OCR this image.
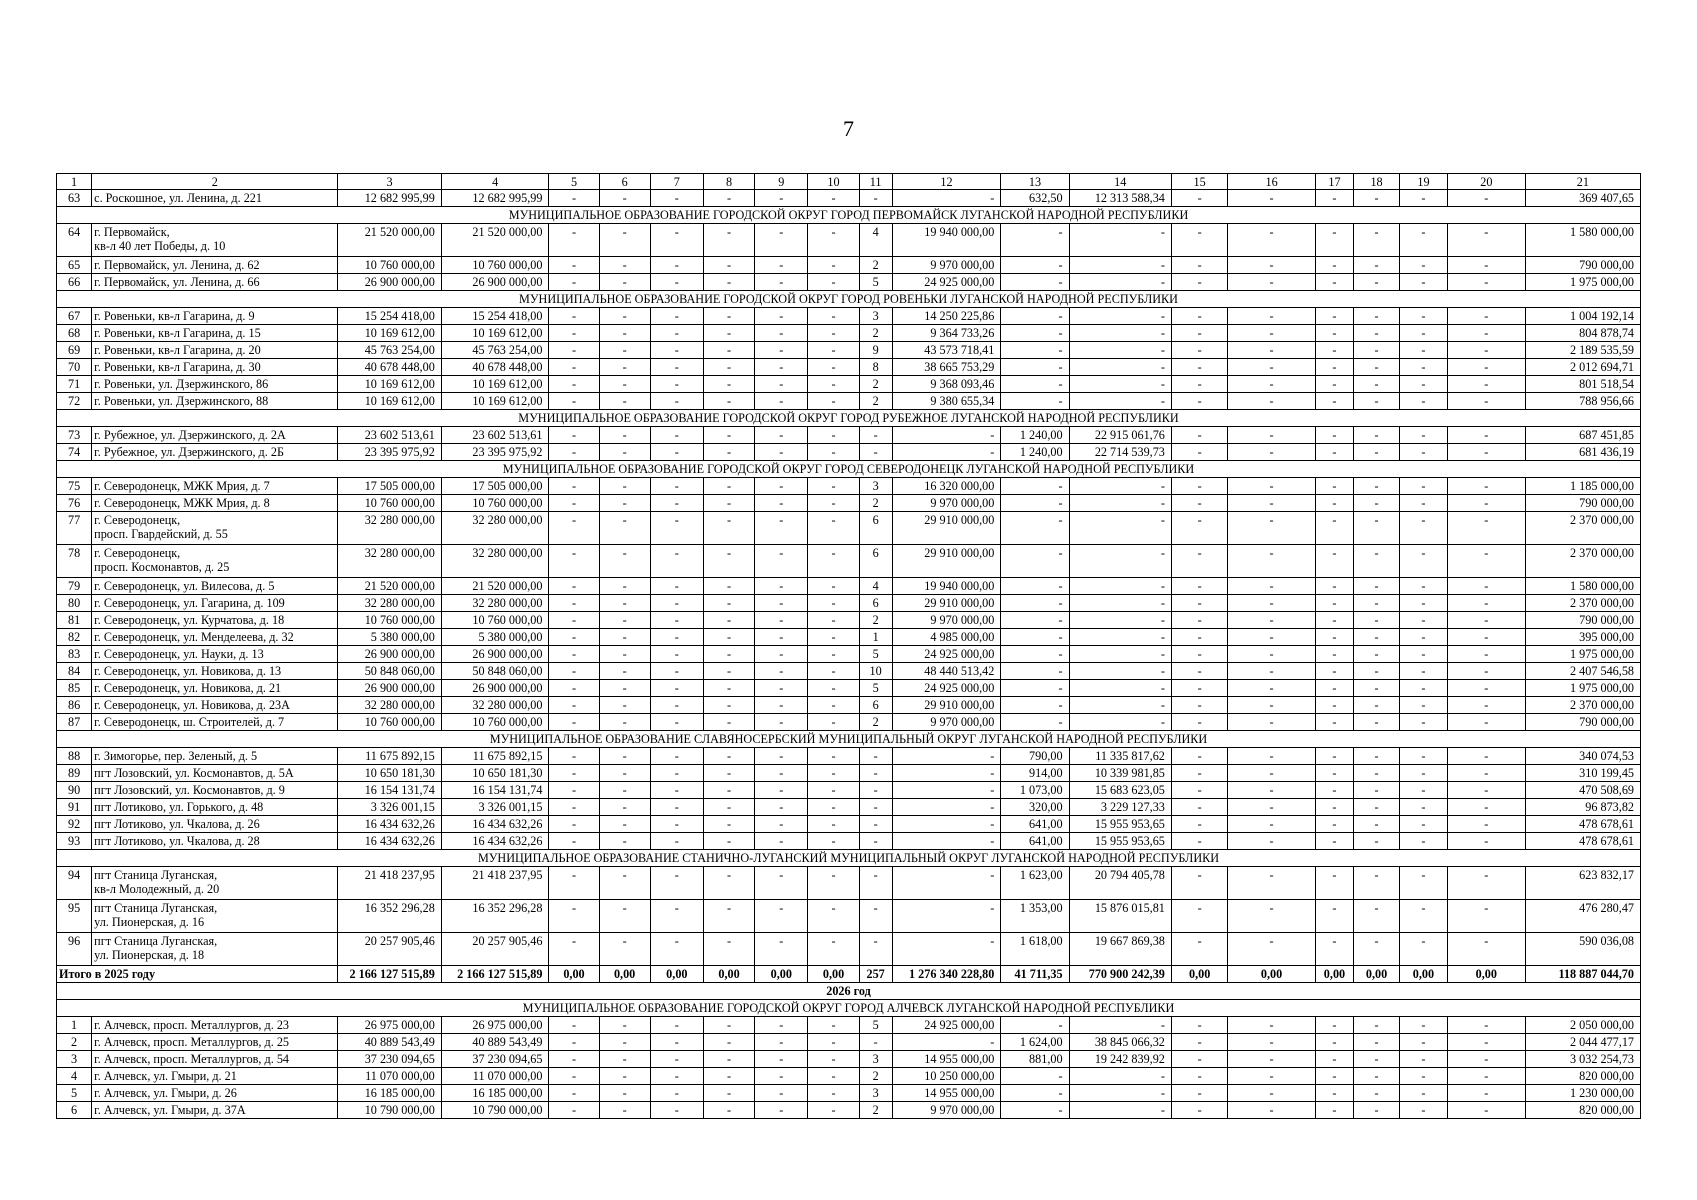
7
1	2	3	4	5	6	7	8	9	10	11	12	13	14	15	16	17	18	19	20	21
63	с. Роскошное, ул. Ленина, д. 221	12 682 995,99	12 682 995,99	-	-	-	-	-	-	-	-	632,50	12 313 588,34	-	-	-	-	-	-	369 407,65
МУНИЦИПАЛЬНОЕ ОБРАЗОВАНИЕ ГОРОДСКОЙ ОКРУГ ГОРОД ПЕРВОМАЙСК ЛУГАНСКОЙ НАРОДНОЙ РЕСПУБЛИКИ																				
64	г. Первомайск,
кв-л 40 лет Победы, д. 10	21 520 000,00	21 520 000,00	-	-	-	-	-	-	4	19 940 000,00	-	-	-	-	-	-	-	-	1 580 000,00
65	г. Первомайск, ул. Ленина, д. 62	10 760 000,00	10 760 000,00	-	-	-	-	-	-	2	9 970 000,00	-	-	-	-	-	-	-	-	790 000,00
66	г. Первомайск, ул. Ленина, д. 66	26 900 000,00	26 900 000,00	-	-	-	-	-	-	5	24 925 000,00	-	-	-	-	-	-	-	-	1 975 000,00
МУНИЦИПАЛЬНОЕ ОБРАЗОВАНИЕ ГОРОДСКОЙ ОКРУГ ГОРОД РОВЕНЬКИ ЛУГАНСКОЙ НАРОДНОЙ РЕСПУБЛИКИ																				
67	г. Ровеньки, кв-л Гагарина, д. 9	15 254 418,00	15 254 418,00	-	-	-	-	-	-	3	14 250 225,86	-	-	-	-	-	-	-	-	1 004 192,14
68	г. Ровеньки, кв-л Гагарина, д. 15	10 169 612,00	10 169 612,00	-	-	-	-	-	-	2	9 364 733,26	-	-	-	-	-	-	-	-	804 878,74
69	г. Ровеньки, кв-л Гагарина, д. 20	45 763 254,00	45 763 254,00	-	-	-	-	-	-	9	43 573 718,41	-	-	-	-	-	-	-	-	2 189 535,59
70	г. Ровеньки, кв-л Гагарина, д. 30	40 678 448,00	40 678 448,00	-	-	-	-	-	-	8	38 665 753,29	-	-	-	-	-	-	-	-	2 012 694,71
71	г. Ровеньки, ул. Дзержинского, 86	10 169 612,00	10 169 612,00	-	-	-	-	-	-	2	9 368 093,46	-	-	-	-	-	-	-	-	801 518,54
72	г. Ровеньки, ул. Дзержинского, 88	10 169 612,00	10 169 612,00	-	-	-	-	-	-	2	9 380 655,34	-	-	-	-	-	-	-	-	788 956,66
МУНИЦИПАЛЬНОЕ ОБРАЗОВАНИЕ ГОРОДСКОЙ ОКРУГ ГОРОД РУБЕЖНОЕ ЛУГАНСКОЙ НАРОДНОЙ РЕСПУБЛИКИ																				
73	г. Рубежное, ул. Дзержинского, д. 2А	23 602 513,61	23 602 513,61	-	-	-	-	-	-	-	-	1 240,00	22 915 061,76	-	-	-	-	-	-	687 451,85
74	г. Рубежное, ул. Дзержинского, д. 2Б	23 395 975,92	23 395 975,92	-	-	-	-	-	-	-	-	1 240,00	22 714 539,73	-	-	-	-	-	-	681 436,19
МУНИЦИПАЛЬНОЕ ОБРАЗОВАНИЕ ГОРОДСКОЙ ОКРУГ ГОРОД СЕВЕРОДОНЕЦК ЛУГАНСКОЙ НАРОДНОЙ РЕСПУБЛИКИ																				
75	г. Северодонецк, МЖК Мрия, д. 7	17 505 000,00	17 505 000,00	-	-	-	-	-	-	3	16 320 000,00	-	-	-	-	-	-	-	-	1 185 000,00
76	г. Северодонецк, МЖК Мрия, д. 8	10 760 000,00	10 760 000,00	-	-	-	-	-	-	2	9 970 000,00	-	-	-	-	-	-	-	-	790 000,00
77	г. Северодонецк,
просп. Гвардейский, д. 55	32 280 000,00	32 280 000,00	-	-	-	-	-	-	6	29 910 000,00	-	-	-	-	-	-	-	-	2 370 000,00
78	г. Северодонецк,
просп. Космонавтов, д. 25	32 280 000,00	32 280 000,00	-	-	-	-	-	-	6	29 910 000,00	-	-	-	-	-	-	-	-	2 370 000,00
79	г. Северодонецк, ул. Вилесова, д. 5	21 520 000,00	21 520 000,00	-	-	-	-	-	-	4	19 940 000,00	-	-	-	-	-	-	-	-	1 580 000,00
80	г. Северодонецк, ул. Гагарина, д. 109	32 280 000,00	32 280 000,00	-	-	-	-	-	-	6	29 910 000,00	-	-	-	-	-	-	-	-	2 370 000,00
81	г. Северодонецк, ул. Курчатова, д. 18	10 760 000,00	10 760 000,00	-	-	-	-	-	-	2	9 970 000,00	-	-	-	-	-	-	-	-	790 000,00
82	г. Северодонецк, ул. Менделеева, д. 32	5 380 000,00	5 380 000,00	-	-	-	-	-	-	1	4 985 000,00	-	-	-	-	-	-	-	-	395 000,00
83	г. Северодонецк, ул. Науки, д. 13	26 900 000,00	26 900 000,00	-	-	-	-	-	-	5	24 925 000,00	-	-	-	-	-	-	-	-	1 975 000,00
84	г. Северодонецк, ул. Новикова, д. 13	50 848 060,00	50 848 060,00	-	-	-	-	-	-	10	48 440 513,42	-	-	-	-	-	-	-	-	2 407 546,58
85	г. Северодонецк, ул. Новикова, д. 21	26 900 000,00	26 900 000,00	-	-	-	-	-	-	5	24 925 000,00	-	-	-	-	-	-	-	-	1 975 000,00
86	г. Северодонецк, ул. Новикова, д. 23А	32 280 000,00	32 280 000,00	-	-	-	-	-	-	6	29 910 000,00	-	-	-	-	-	-	-	-	2 370 000,00
87	г. Северодонецк, ш. Строителей, д. 7	10 760 000,00	10 760 000,00	-	-	-	-	-	-	2	9 970 000,00	-	-	-	-	-	-	-	-	790 000,00
МУНИЦИПАЛЬНОЕ ОБРАЗОВАНИЕ СЛАВЯНОСЕРБСКИЙ МУНИЦИПАЛЬНЫЙ ОКРУГ ЛУГАНСКОЙ НАРОДНОЙ РЕСПУБЛИКИ																				
88	г. Зимогорье, пер. Зеленый, д. 5	11 675 892,15	11 675 892,15	-	-	-	-	-	-	-	-	790,00	11 335 817,62	-	-	-	-	-	-	340 074,53
89	пгт Лозовский, ул. Космонавтов, д. 5А	10 650 181,30	10 650 181,30	-	-	-	-	-	-	-	-	914,00	10 339 981,85	-	-	-	-	-	-	310 199,45
90	пгт Лозовский, ул. Космонавтов, д. 9	16 154 131,74	16 154 131,74	-	-	-	-	-	-	-	-	1 073,00	15 683 623,05	-	-	-	-	-	-	470 508,69
91	пгт Лотиково, ул. Горького, д. 48	3 326 001,15	3 326 001,15	-	-	-	-	-	-	-	-	320,00	3 229 127,33	-	-	-	-	-	-	96 873,82
92	пгт Лотиково, ул. Чкалова, д. 26	16 434 632,26	16 434 632,26	-	-	-	-	-	-	-	-	641,00	15 955 953,65	-	-	-	-	-	-	478 678,61
93	пгт Лотиково, ул. Чкалова, д. 28	16 434 632,26	16 434 632,26	-	-	-	-	-	-	-	-	641,00	15 955 953,65	-	-	-	-	-	-	478 678,61
МУНИЦИПАЛЬНОЕ ОБРАЗОВАНИЕ СТАНИЧНО-ЛУГАНСКИЙ МУНИЦИПАЛЬНЫЙ ОКРУГ ЛУГАНСКОЙ НАРОДНОЙ РЕСПУБЛИКИ																				
94	пгт Станица Луганская,
кв-л Молодежный, д. 20	21 418 237,95	21 418 237,95	-	-	-	-	-	-	-	-	1 623,00	20 794 405,78	-	-	-	-	-	-	623 832,17
95	пгт Станица Луганская,
ул. Пионерская, д. 16	16 352 296,28	16 352 296,28	-	-	-	-	-	-	-	-	1 353,00	15 876 015,81	-	-	-	-	-	-	476 280,47
96	пгт Станица Луганская,
ул. Пионерская, д. 18	20 257 905,46	20 257 905,46	-	-	-	-	-	-	-	-	1 618,00	19 667 869,38	-	-	-	-	-	-	590 036,08
Итого в 2025 году		2 166 127 515,89	2 166 127 515,89	0,00	0,00	0,00	0,00	0,00	0,00	257	1 276 340 228,80	41 711,35	770 900 242,39	0,00	0,00	0,00	0,00	0,00	0,00	118 887 044,70
2026 год																				
МУНИЦИПАЛЬНОЕ ОБРАЗОВАНИЕ ГОРОДСКОЙ ОКРУГ ГОРОД АЛЧЕВСК ЛУГАНСКОЙ НАРОДНОЙ РЕСПУБЛИКИ																				
1	г. Алчевск, просп. Металлургов, д. 23	26 975 000,00	26 975 000,00	-	-	-	-	-	-	5	24 925 000,00	-	-	-	-	-	-	-	-	2 050 000,00
2	г. Алчевск, просп. Металлургов, д. 25	40 889 543,49	40 889 543,49	-	-	-	-	-	-	-	-	1 624,00	38 845 066,32	-	-	-	-	-	-	2 044 477,17
3	г. Алчевск, просп. Металлургов, д. 54	37 230 094,65	37 230 094,65	-	-	-	-	-	-	3	14 955 000,00	881,00	19 242 839,92	-	-	-	-	-	-	3 032 254,73
4	г. Алчевск, ул. Гмыри, д. 21	11 070 000,00	11 070 000,00	-	-	-	-	-	-	2	10 250 000,00	-	-	-	-	-	-	-	-	820 000,00
5	г. Алчевск, ул. Гмыри, д. 26	16 185 000,00	16 185 000,00	-	-	-	-	-	-	3	14 955 000,00	-	-	-	-	-	-	-	-	1 230 000,00
6	г. Алчевск, ул. Гмыри, д. 37А	10 790 000,00	10 790 000,00	-	-	-	-	-	-	2	9 970 000,00	-	-	-	-	-	-	-	-	820 000,00
